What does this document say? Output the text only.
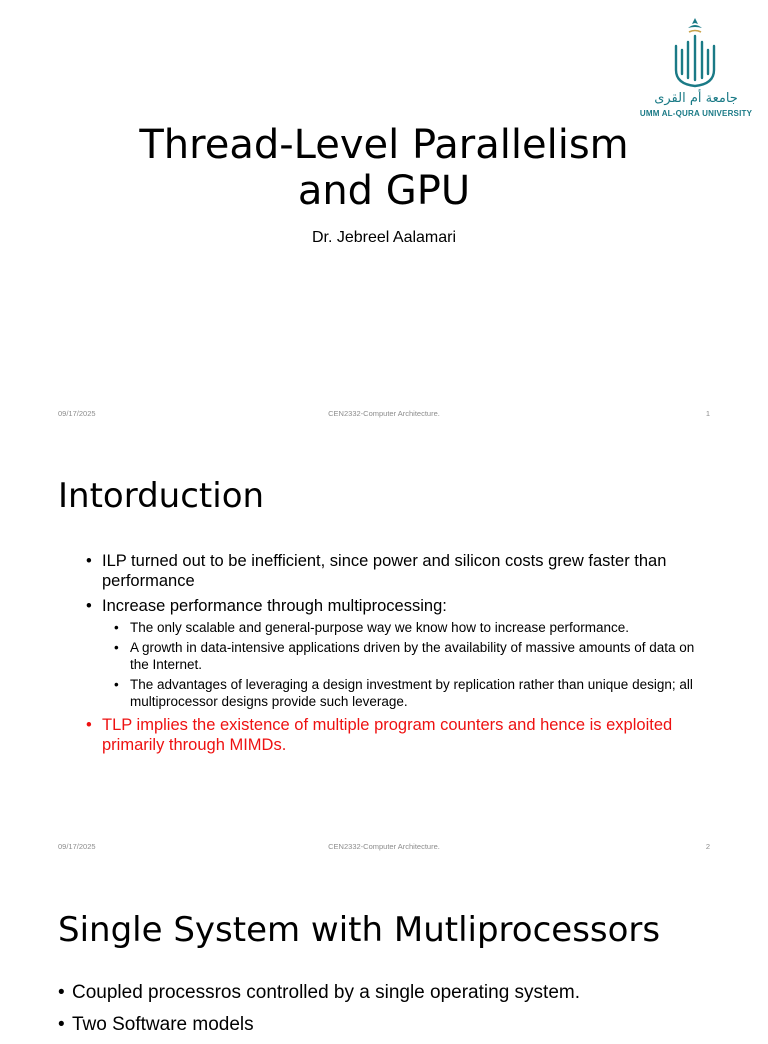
جامعة أم القرى
UMM AL-QURA UNIVERSITY
Thread-Level Parallelism
and GPU
Dr. Jebreel Aalamari
09/17/2025	CEN2332-Computer Architecture.	1
Intorduction
• ILP turned out to be inefficient, since power and silicon costs grew faster than performance
• Increase performance through multiprocessing:
• The only scalable and general-purpose way we know how to increase performance.
• A growth in data-intensive applications driven by the availability of massive amounts of data on the Internet.
• The advantages of leveraging a design investment by replication rather than unique design; all multiprocessor designs provide such leverage.
• TLP implies the existence of multiple program counters and hence is exploited primarily through MIMDs.
09/17/2025	CEN2332-Computer Architecture.	2
Single System with Mutliprocessors
• Coupled processros controlled by a single operating system.
• Two Software models
